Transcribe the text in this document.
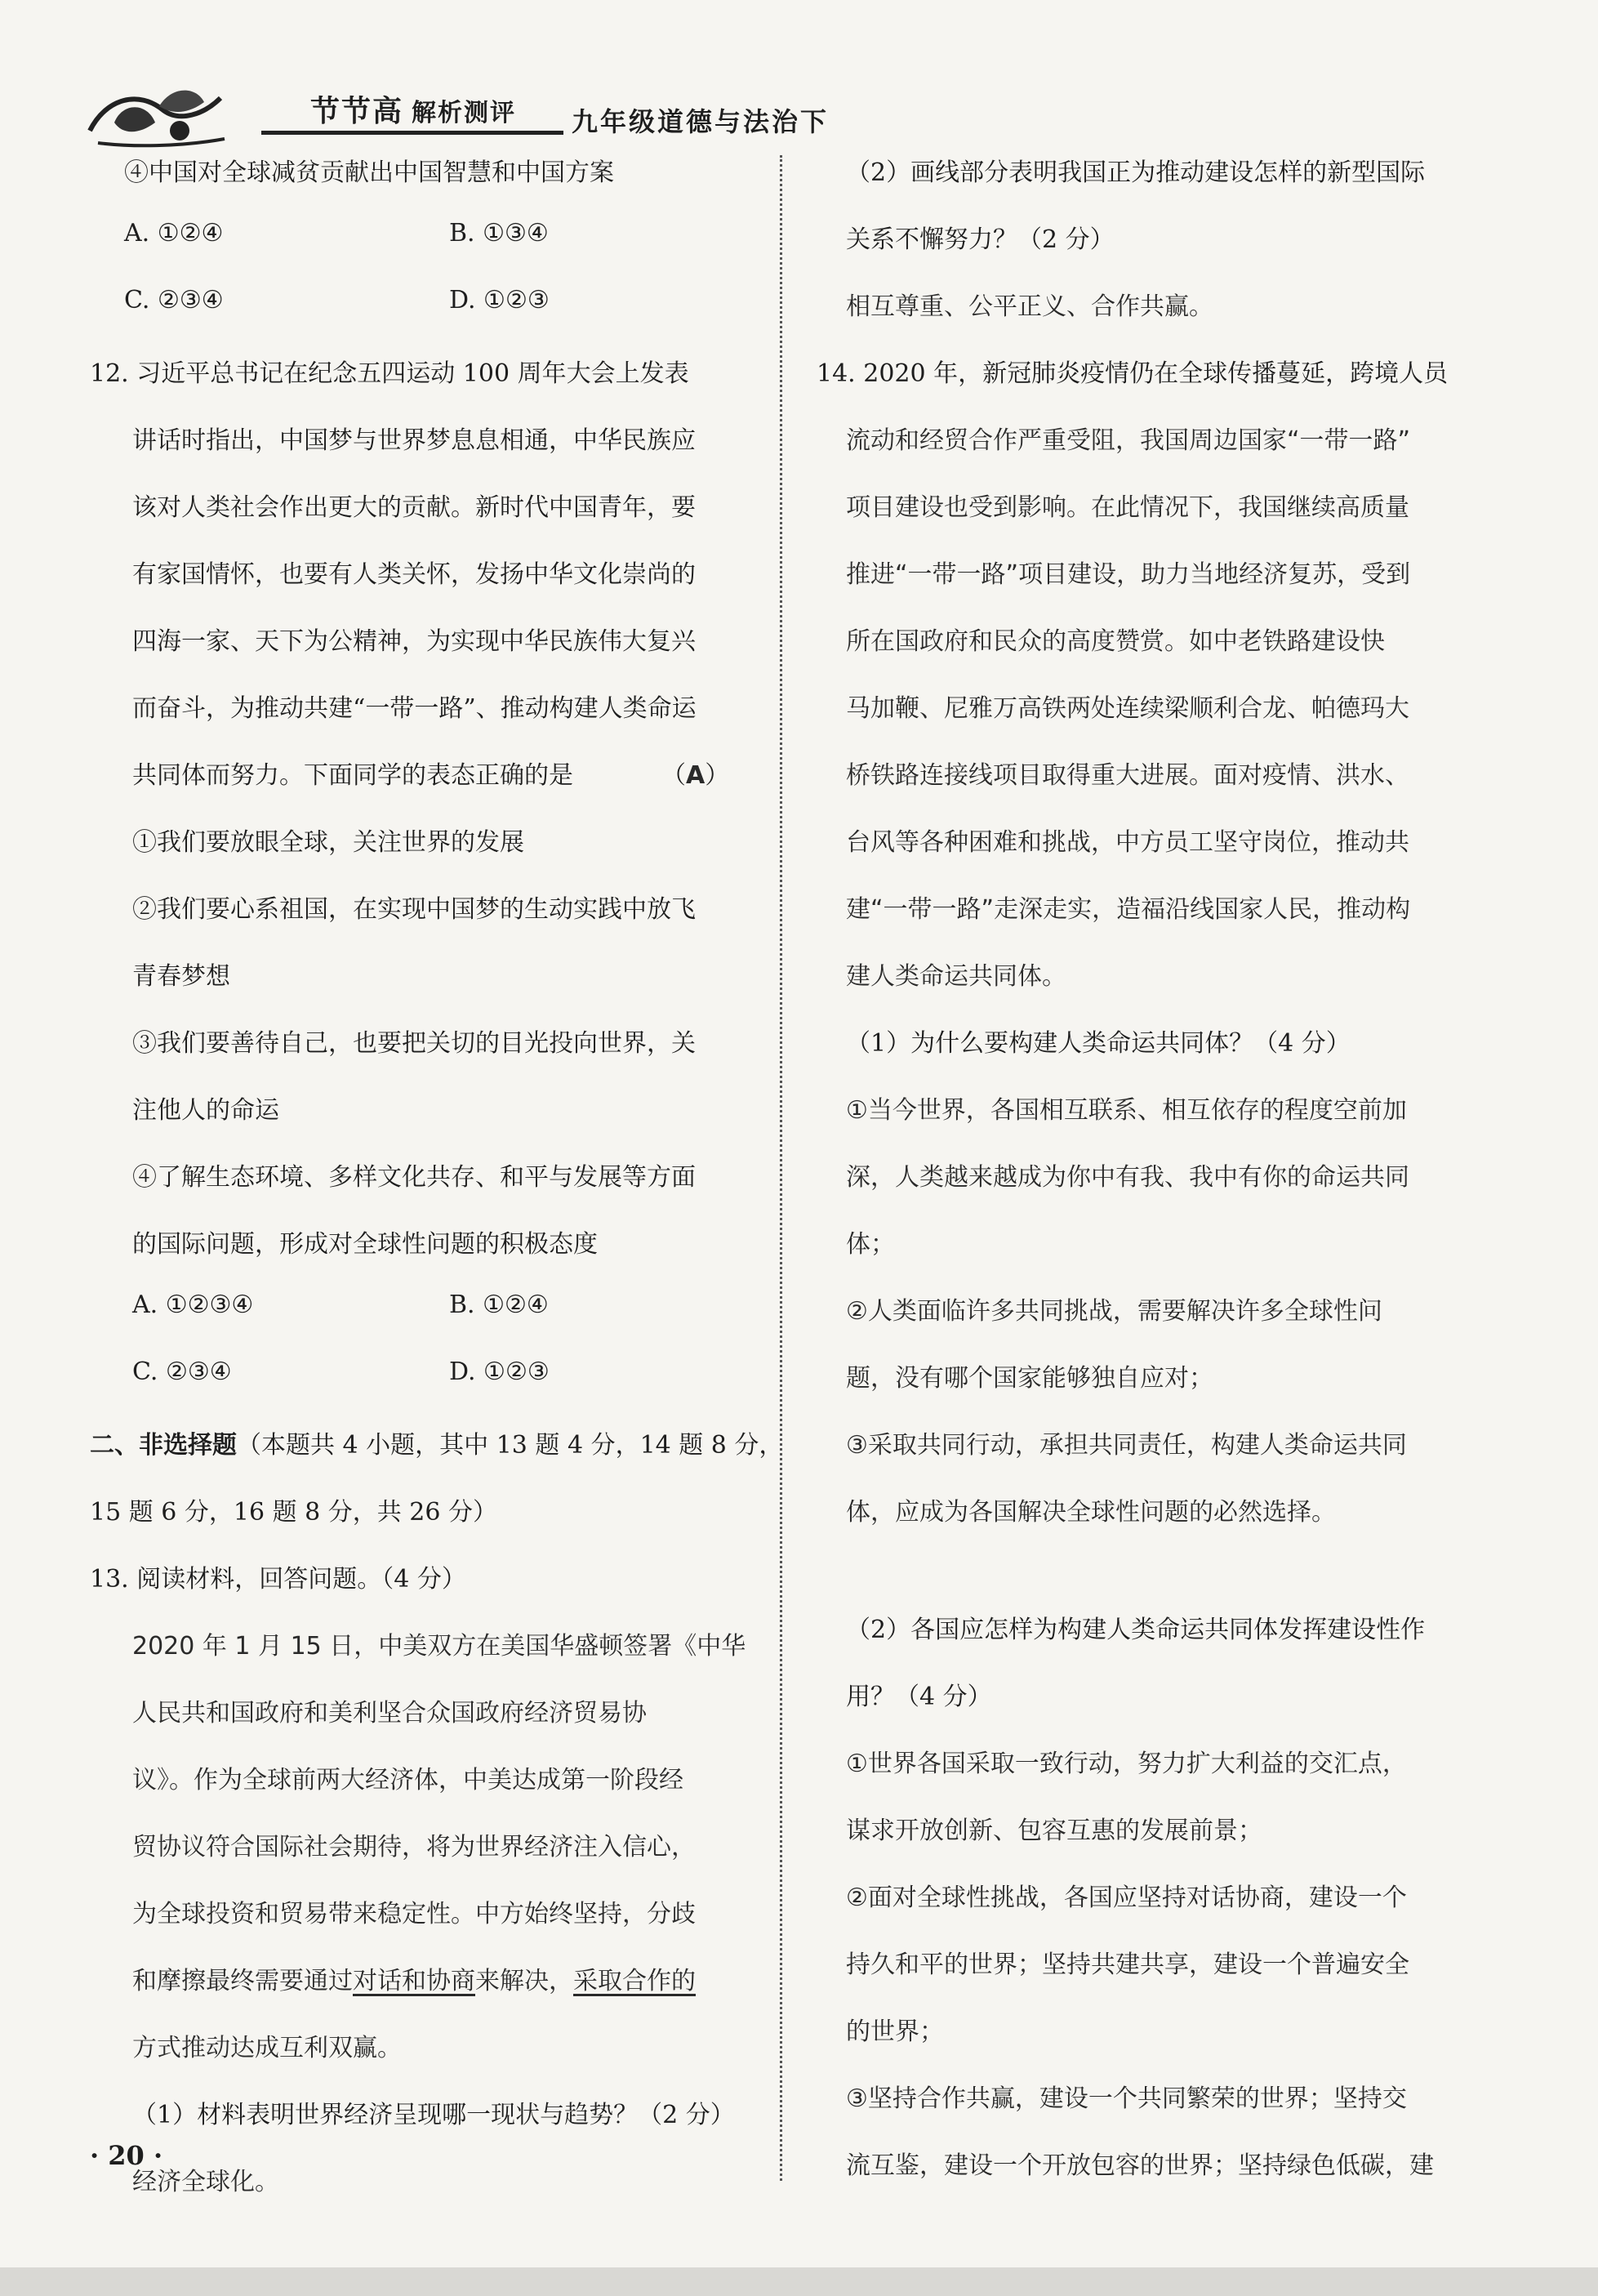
节节高 解析测评 九年级道德与法治下
④中国对全球减贫贡献出中国智慧和中国方案
A. ①②④	B. ①③④
C. ②③④	D. ①②③
12. 习近平总书记在纪念五四运动 100 周年大会上发表
讲话时指出，中国梦与世界梦息息相通，中华民族应
该对人类社会作出更大的贡献。新时代中国青年，要
有家国情怀，也要有人类关怀，发扬中华文化崇尚的
四海一家、天下为公精神，为实现中华民族伟大复兴
而奋斗，为推动共建“一带一路”、推动构建人类命运
共同体而努力。下面同学的表态正确的是	（A）
①我们要放眼全球，关注世界的发展
②我们要心系祖国，在实现中国梦的生动实践中放飞
青春梦想
③我们要善待自己，也要把关切的目光投向世界，关
注他人的命运
④了解生态环境、多样文化共存、和平与发展等方面
的国际问题，形成对全球性问题的积极态度
A. ①②③④	B. ①②④
C. ②③④	D. ①②③
二、非选择题（本题共 4 小题，其中 13 题 4 分，14 题 8 分，
15 题 6 分，16 题 8 分，共 26 分）
13. 阅读材料，回答问题。（4 分）
2020 年 1 月 15 日，中美双方在美国华盛顿签署《中华
人民共和国政府和美利坚合众国政府经济贸易协
议》。作为全球前两大经济体，中美达成第一阶段经
贸协议符合国际社会期待，将为世界经济注入信心，
为全球投资和贸易带来稳定性。中方始终坚持，分歧
和摩擦最终需要通过对话和协商来解决，采取合作的
方式推动达成互利双赢。
（1）材料表明世界经济呈现哪一现状与趋势？（2 分）
经济全球化。
（2）画线部分表明我国正为推动建设怎样的新型国际
关系不懈努力？（2 分）
相互尊重、公平正义、合作共赢。
14. 2020 年，新冠肺炎疫情仍在全球传播蔓延，跨境人员
流动和经贸合作严重受阻，我国周边国家“一带一路”
项目建设也受到影响。在此情况下，我国继续高质量
推进“一带一路”项目建设，助力当地经济复苏，受到
所在国政府和民众的高度赞赏。如中老铁路建设快
马加鞭、尼雅万高铁两处连续梁顺利合龙、帕德玛大
桥铁路连接线项目取得重大进展。面对疫情、洪水、
台风等各种困难和挑战，中方员工坚守岗位，推动共
建“一带一路”走深走实，造福沿线国家人民，推动构
建人类命运共同体。
（1）为什么要构建人类命运共同体？（4 分）
①当今世界，各国相互联系、相互依存的程度空前加
深，人类越来越成为你中有我、我中有你的命运共同
体；
②人类面临许多共同挑战，需要解决许多全球性问
题，没有哪个国家能够独自应对；
③采取共同行动，承担共同责任，构建人类命运共同
体，应成为各国解决全球性问题的必然选择。
（2）各国应怎样为构建人类命运共同体发挥建设性作
用？（4 分）
①世界各国采取一致行动，努力扩大利益的交汇点，
谋求开放创新、包容互惠的发展前景；
②面对全球性挑战，各国应坚持对话协商，建设一个
持久和平的世界；坚持共建共享，建设一个普遍安全
的世界；
③坚持合作共赢，建设一个共同繁荣的世界；坚持交
流互鉴，建设一个开放包容的世界；坚持绿色低碳，建
· 20 ·
